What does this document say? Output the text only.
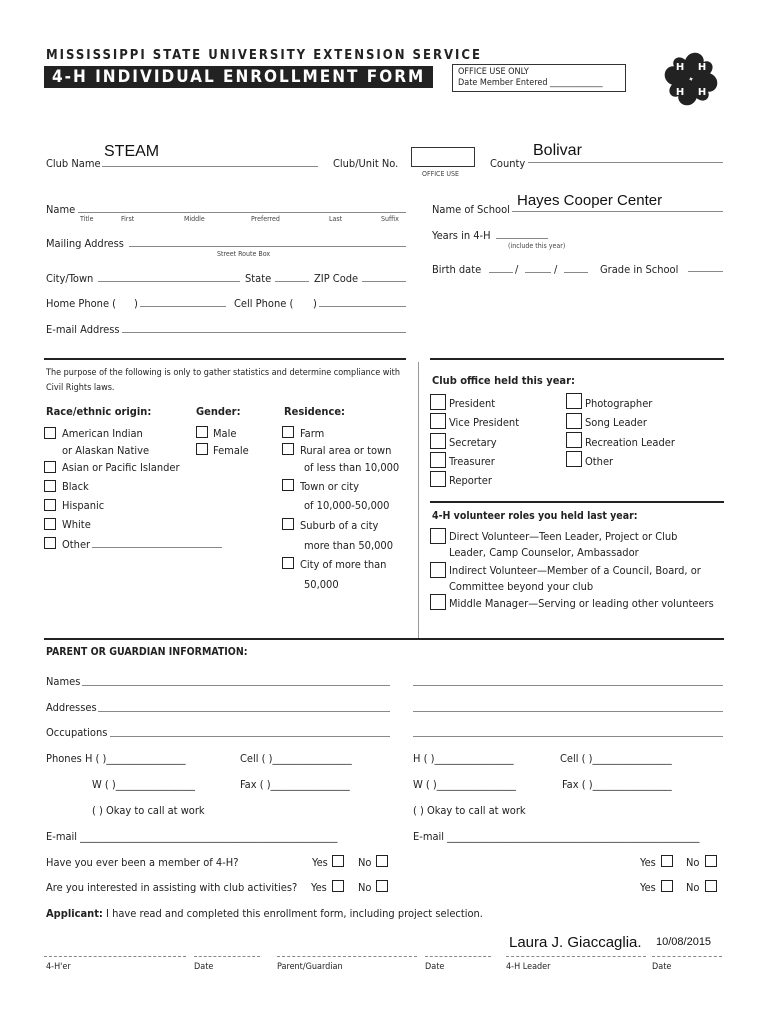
MISSISSIPPI STATE UNIVERSITY EXTENSION SERVICE
4-H INDIVIDUAL ENROLLMENT FORM	OFFICE USE ONLY
Date Member Entered _____________
H H
H H
Club Name
STEAM
Club/Unit No.
OFFICE USE
County
Bolivar
Name
Title	First	Middle	Preferred	Last	Suffix
Mailing Address
Street Route Box
City/Town	State	ZIP Code
Home Phone ( )	Cell Phone ( )
E-mail Address
Name of School
Hayes Cooper Center
Years in 4-H
(include this year)
Birth date	/	/	Grade in School
The purpose of the following is only to gather statistics and determine compliance with
Civil Rights laws.
Race/ethnic origin:	Gender:	Residence:
American Indian
or Alaskan Native
Asian or Pacific Islander
Black
Hispanic
White
Other
Male
Female
Farm
Rural area or town
of less than 10,000
Town or city
of 10,000-50,000
Suburb of a city
more than 50,000
City of more than
50,000
Club office held this year:
President
Vice President
Secretary
Treasurer
Reporter
Photographer
Song Leader
Recreation Leader
Other
4-H volunteer roles you held last year:
Direct Volunteer—Teen Leader, Project or Club
Leader, Camp Counselor, Ambassador
Indirect Volunteer—Member of a Council, Board, or
Committee beyond your club
Middle Manager—Serving or leading other volunteers
PARENT OR GUARDIAN INFORMATION:
Names
Addresses
Occupations
Phones H ( )________________	Cell ( )________________	H ( )________________	Cell ( )________________
W ( )________________	Fax ( )________________	W ( )________________	Fax ( )________________
( ) Okay to call at work	( ) Okay to call at work
E-mail ____________________________________________________	E-mail ___________________________________________________
Have you ever been a member of 4-H?	Yes	No	Yes	No
Are you interested in assisting with club activities? Yes	No	Yes	No
Applicant: I have read and completed this enrollment form, including project selection.
Laura J. Giaccaglia. 10/08/2015
4-H'er	Date	Parent/Guardian	Date	4-H Leader	Date
